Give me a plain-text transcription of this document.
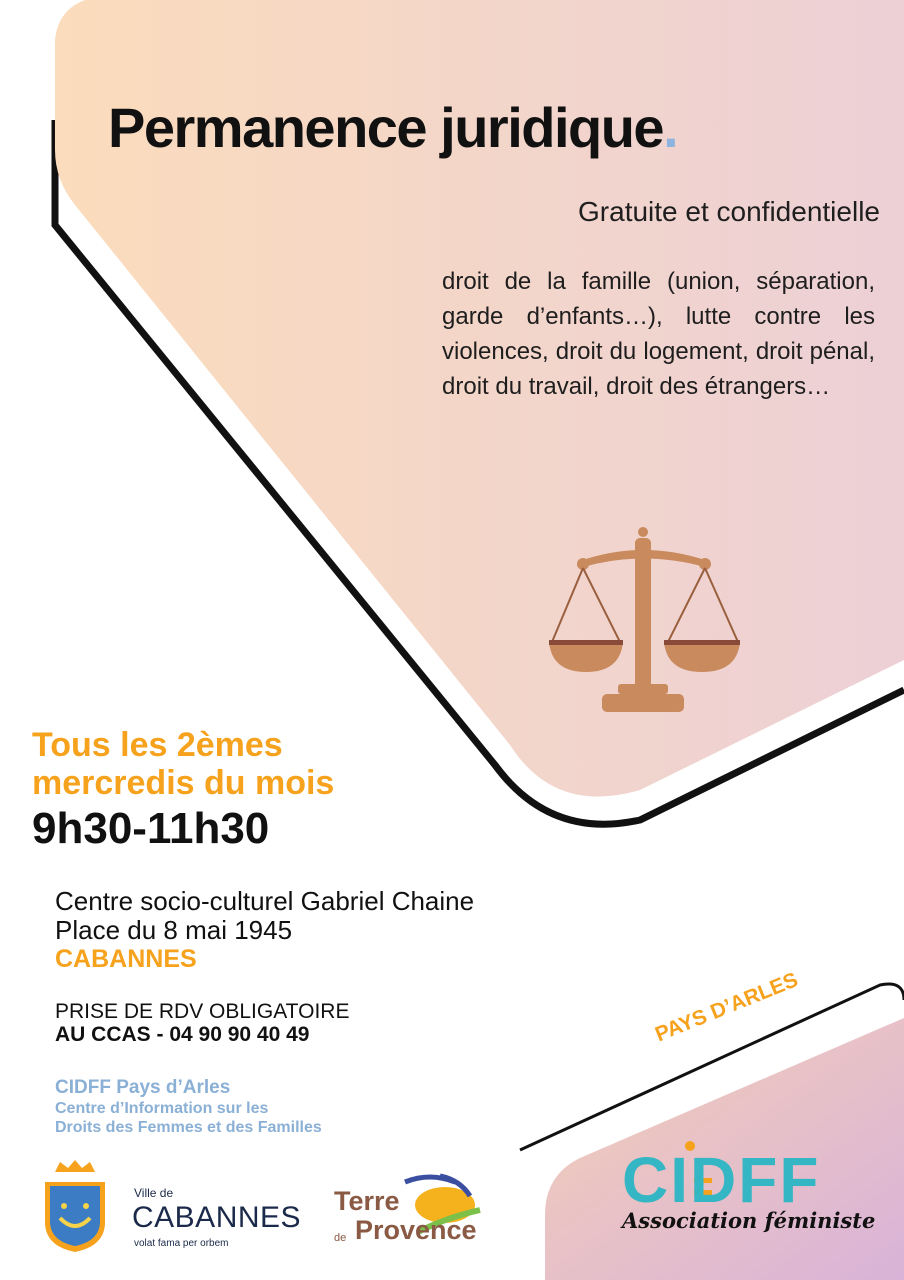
Permanence juridique.
Gratuite et confidentielle
droit de la famille (union, séparation, garde d’enfants…), lutte contre les violences, droit du logement, droit pénal, droit du travail, droit des étrangers…
Tous les 2èmes
mercredis du mois
9h30-11h30
Centre socio-culturel Gabriel Chaine
Place du 8 mai 1945
CABANNES
PRISE DE RDV OBLIGATOIRE
AU CCAS - 04 90 90 40 49
CIDFF Pays d’Arles
Centre d’Information sur les
Droits des Femmes et des Familles
PAYS D’ARLES
Ville de
CABANNES
volat fama per orbem
Terre
de Provence
CIDFF
Association féministe
